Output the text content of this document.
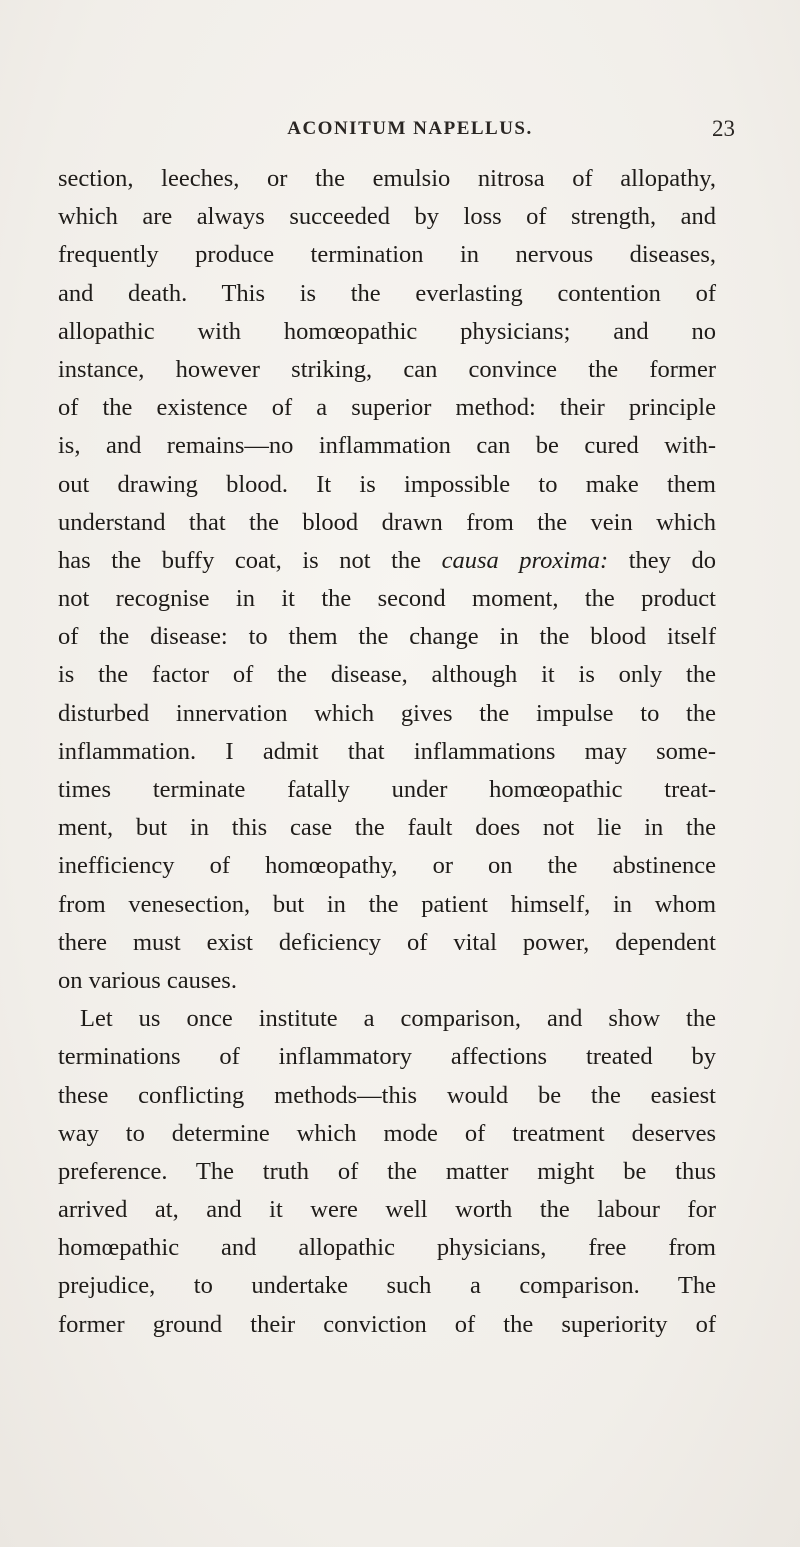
ACONITUM NAPELLUS.	23
section, leeches, or the emulsio nitrosa of allopathy,
which are always succeeded by loss of strength, and
frequently produce termination in nervous diseases,
and death. This is the everlasting contention of
allopathic with homœopathic physicians; and no
instance, however striking, can convince the former
of the existence of a superior method: their principle
is, and remains—no inflammation can be cured with-
out drawing blood. It is impossible to make them
understand that the blood drawn from the vein which
has the buffy coat, is not the causa proxima: they do
not recognise in it the second moment, the product
of the disease: to them the change in the blood itself
is the factor of the disease, although it is only the
disturbed innervation which gives the impulse to the
inflammation. I admit that inflammations may some-
times terminate fatally under homœopathic treat-
ment, but in this case the fault does not lie in the
inefficiency of homœopathy, or on the abstinence
from venesection, but in the patient himself, in whom
there must exist deficiency of vital power, dependent
on various causes.
Let us once institute a comparison, and show the
terminations of inflammatory affections treated by
these conflicting methods—this would be the easiest
way to determine which mode of treatment deserves
preference. The truth of the matter might be thus
arrived at, and it were well worth the labour for
homœpathic and allopathic physicians, free from
prejudice, to undertake such a comparison. The
former ground their conviction of the superiority of
